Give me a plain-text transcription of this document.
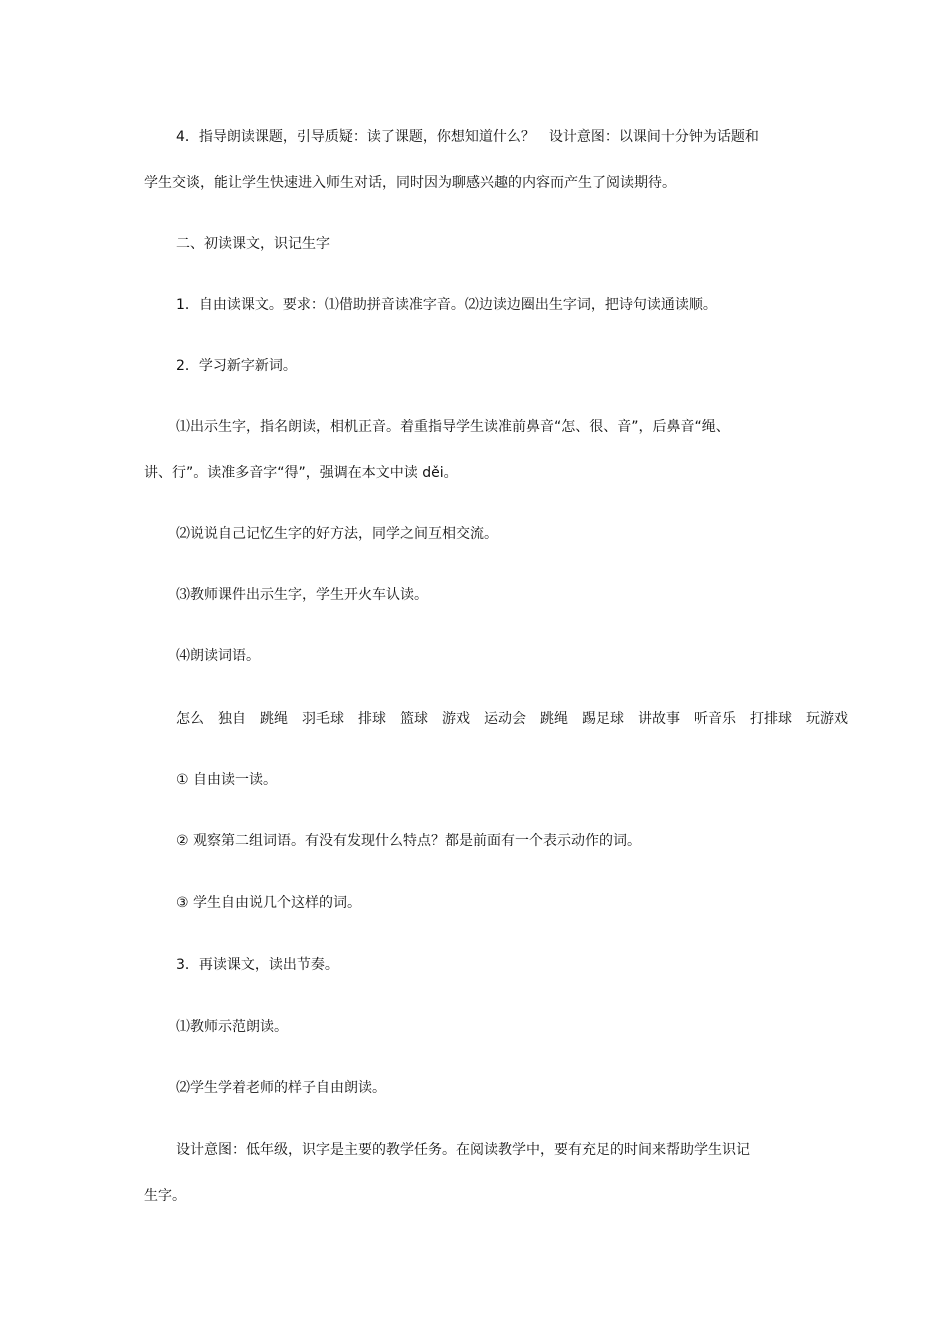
4．指导朗读课题，引导质疑：读了课题，你想知道什么？　设计意图：以课间十分钟为话题和

学生交谈，能让学生快速进入师生对话，同时因为聊感兴趣的内容而产生了阅读期待。

二、初读课文，识记生字

1．自由读课文。要求：⑴借助拼音读准字音。⑵边读边圈出生字词，把诗句读通读顺。

2．学习新字新词。

⑴出示生字，指名朗读，相机正音。着重指导学生读准前鼻音“怎、很、音”，后鼻音“绳、

讲、行”。读准多音字“得”，强调在本文中读 děi。

⑵说说自己记忆生字的好方法，同学之间互相交流。

⑶教师课件出示生字，学生开火车认读。

⑷朗读词语。

怎么　独自　跳绳　羽毛球　排球　篮球　游戏　运动会　跳绳　踢足球　讲故事　听音乐　打排球　玩游戏

① 自由读一读。

② 观察第二组词语。有没有发现什么特点？都是前面有一个表示动作的词。

③ 学生自由说几个这样的词。

3．再读课文，读出节奏。

⑴教师示范朗读。

⑵学生学着老师的样子自由朗读。

设计意图：低年级，识字是主要的教学任务。在阅读教学中，要有充足的时间来帮助学生识记

生字。
